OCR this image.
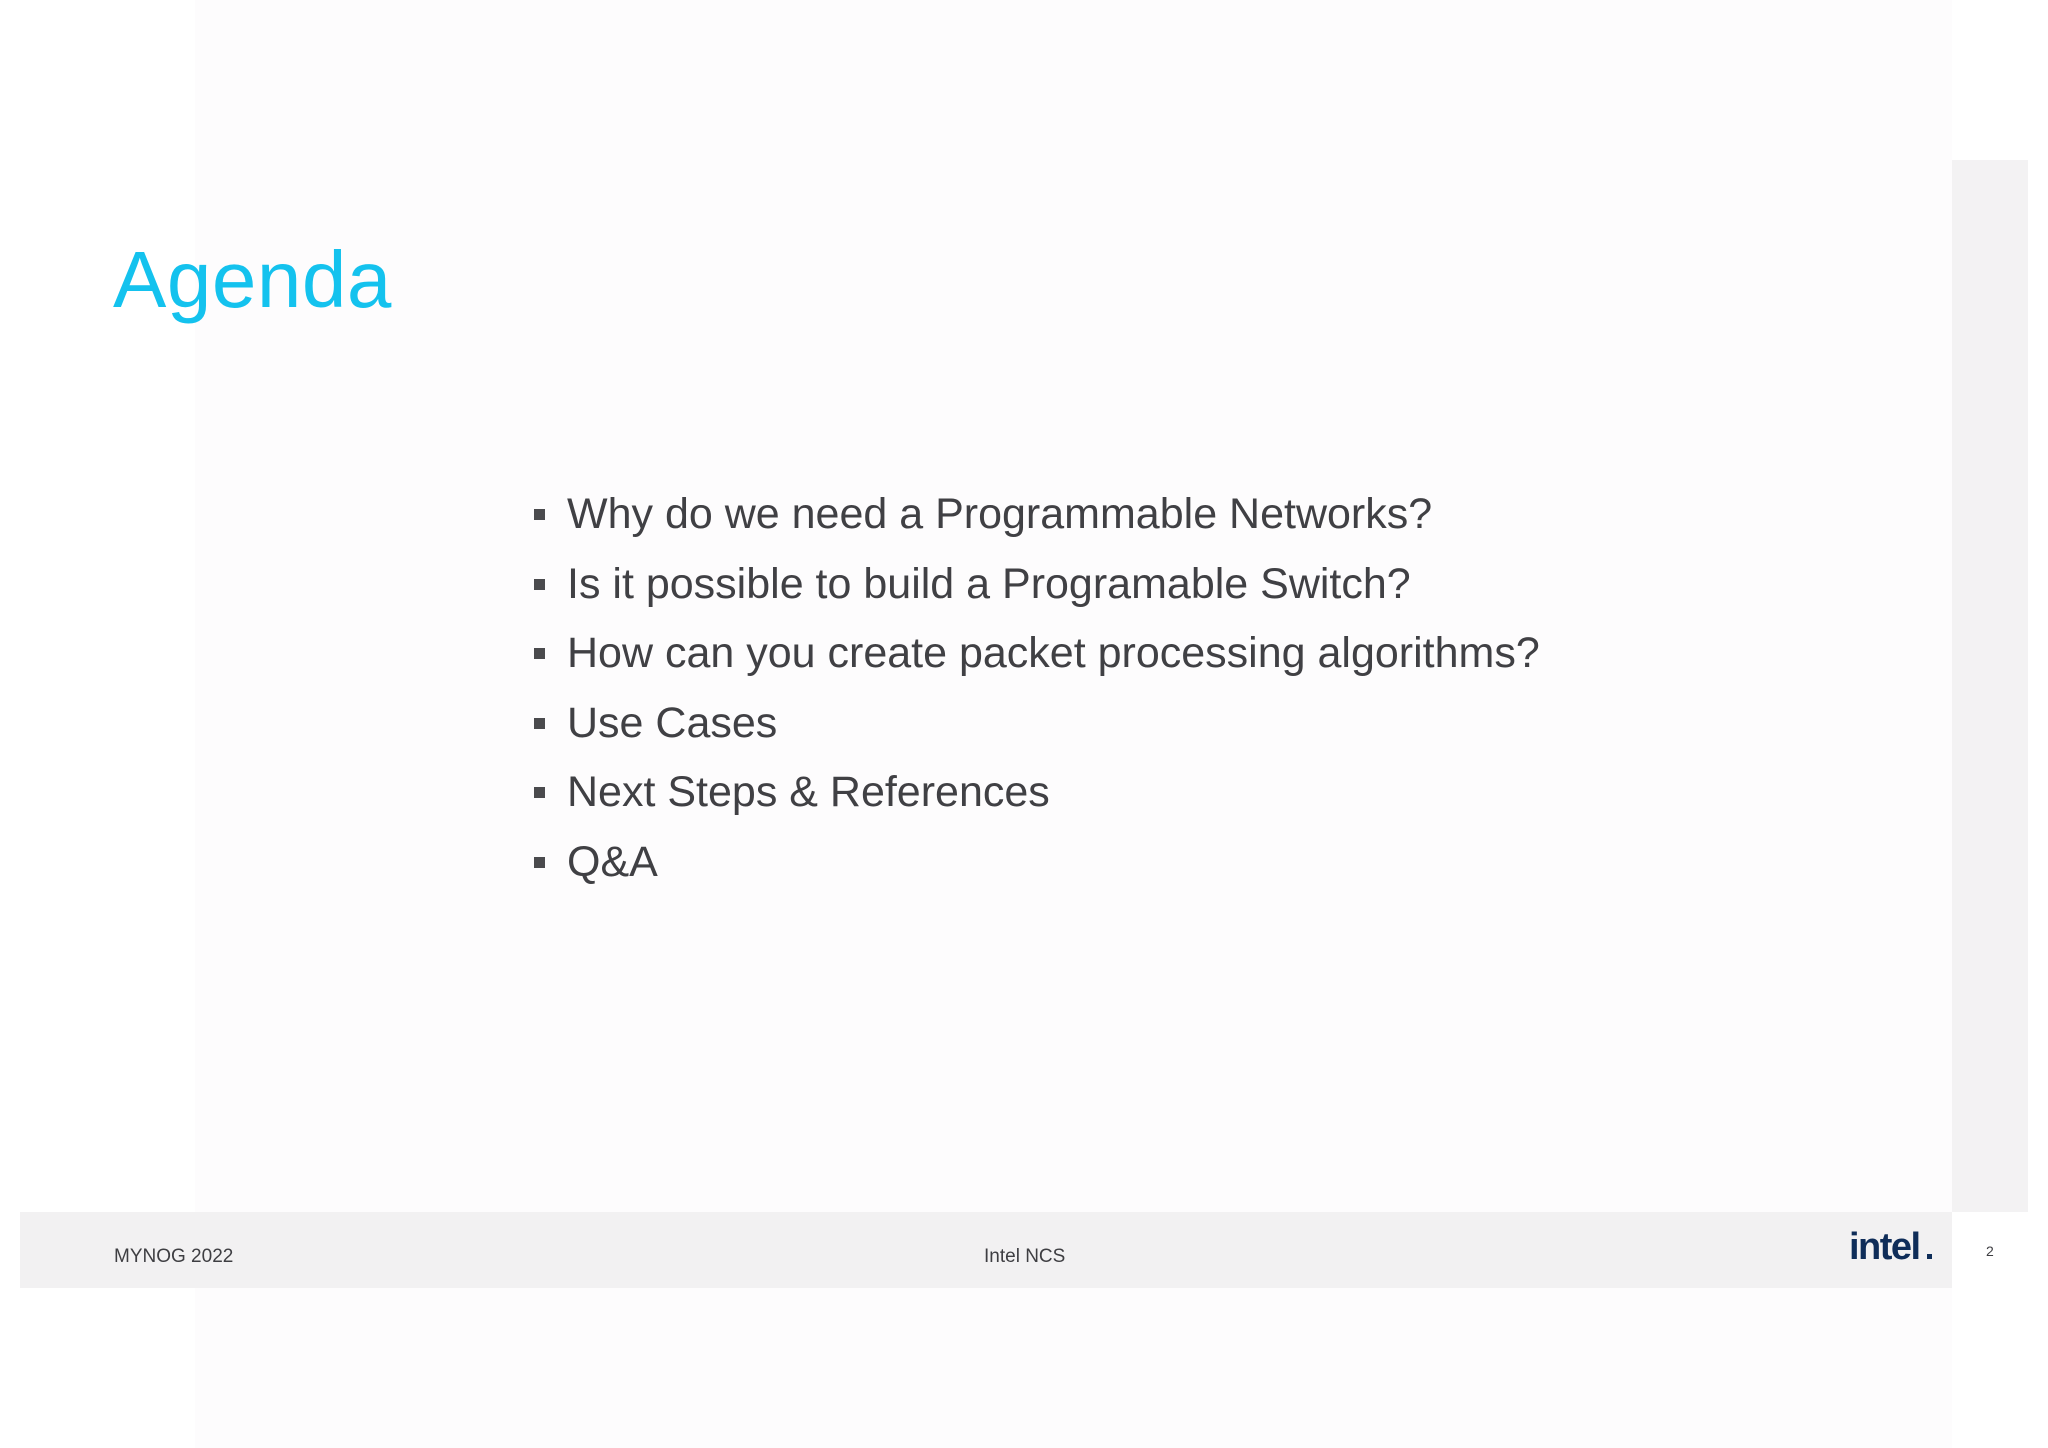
Agenda
Why do we need a Programmable Networks?
Is it possible to build a Programable Switch?
How can you create packet processing algorithms?
Use Cases
Next Steps & References
Q&A
MYNOG 2022	Intel NCS	intel	2
